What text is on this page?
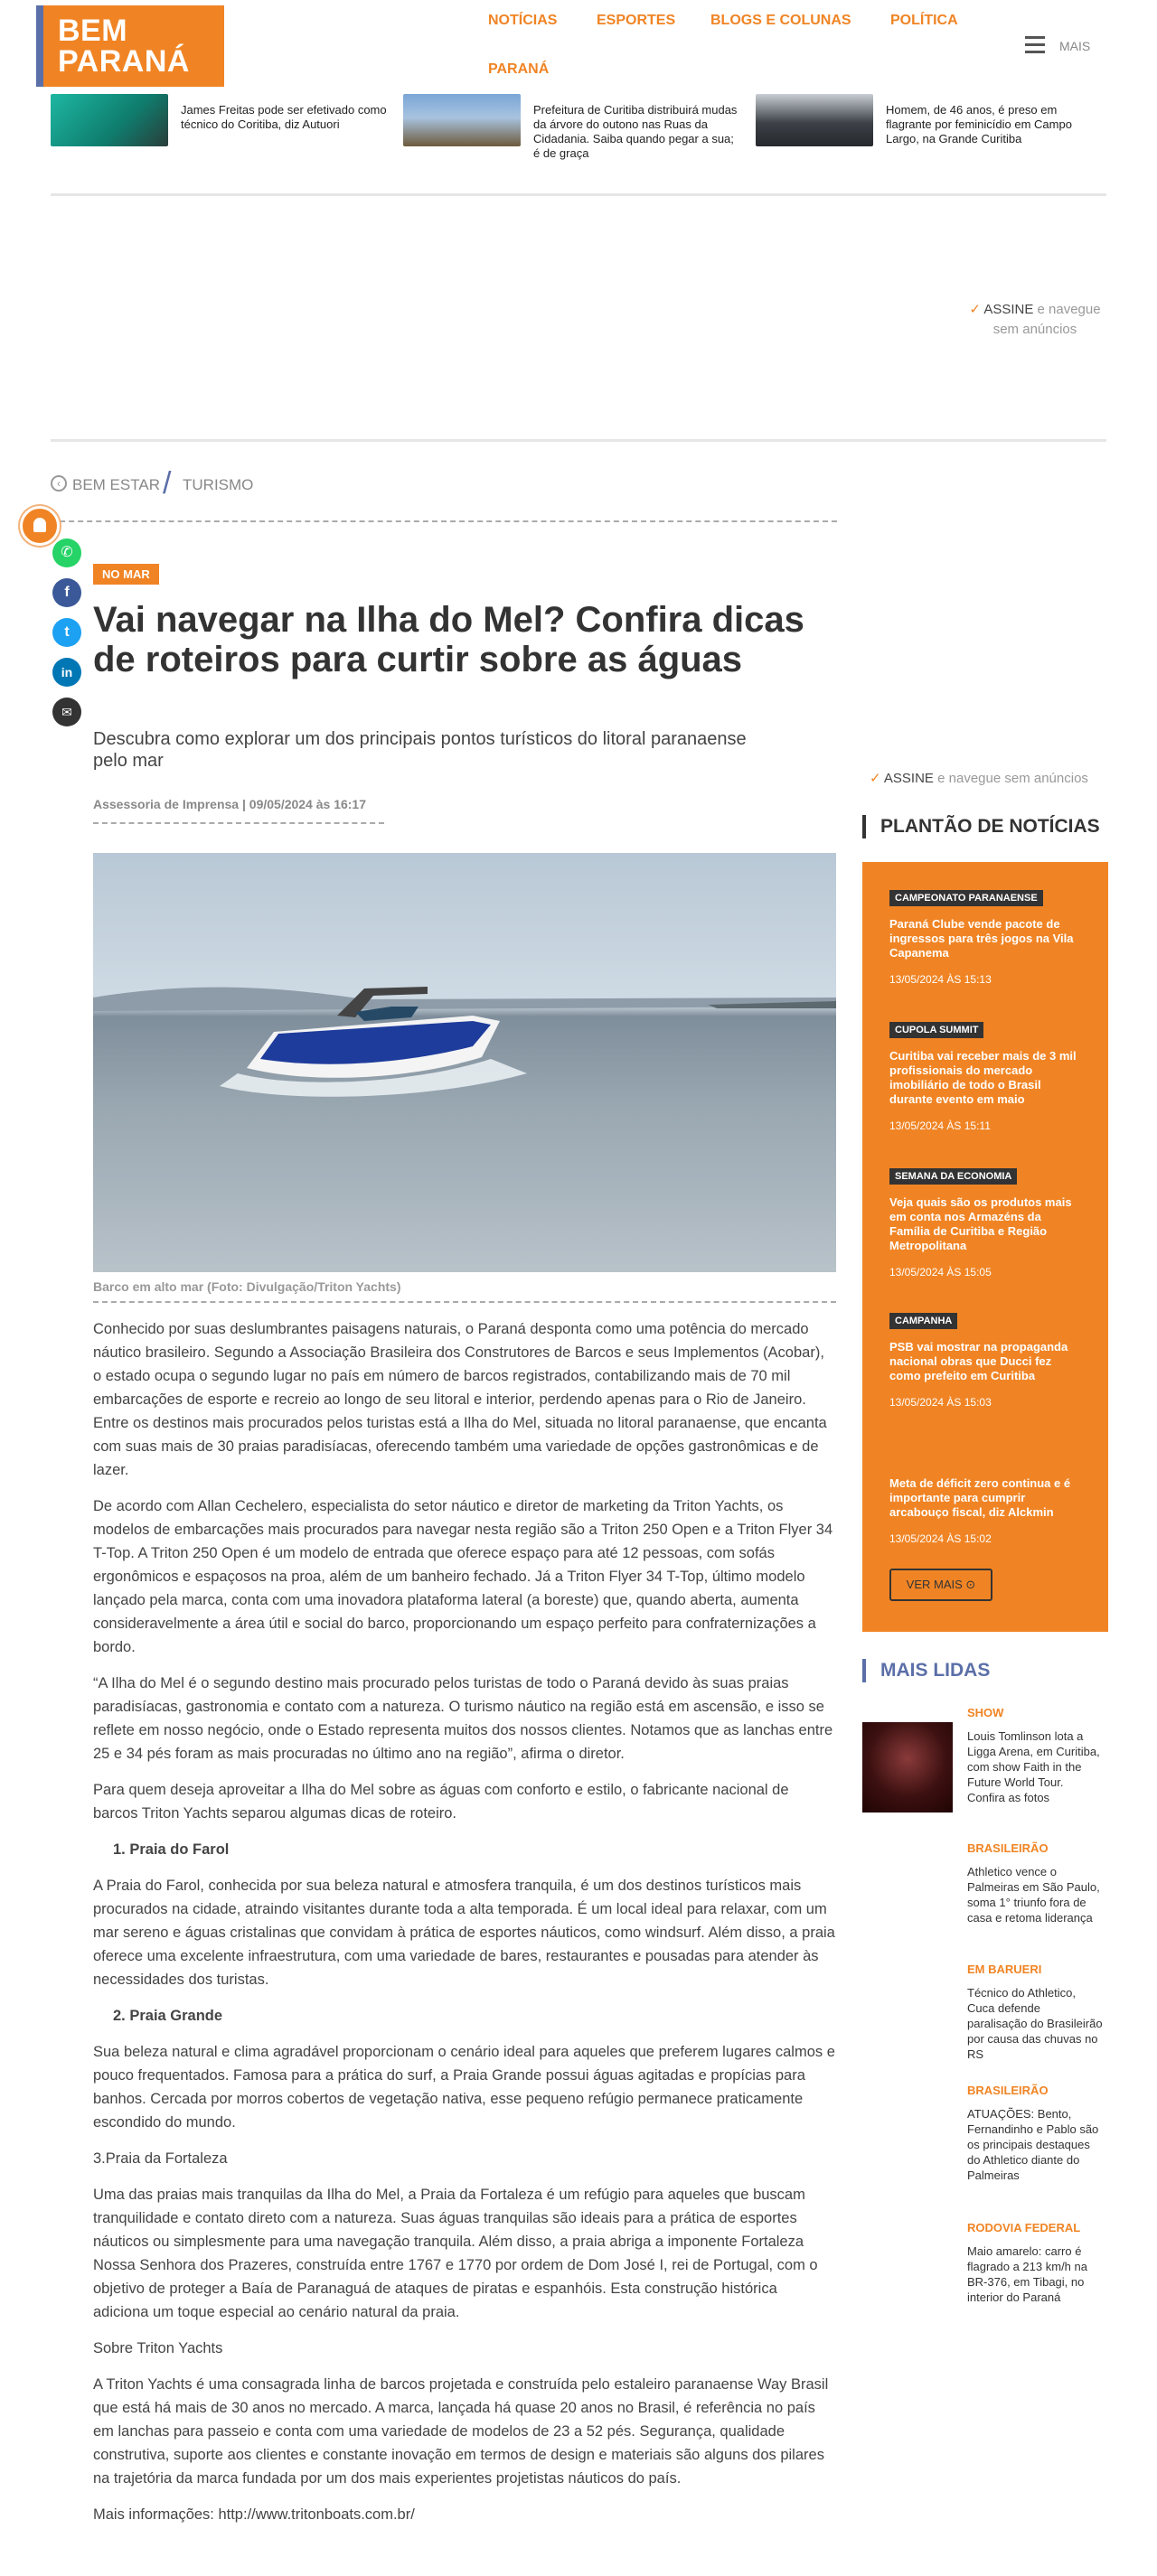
BEM
PARANÁ
NOTÍCIAS	ESPORTES BLOGS E COLUNAS	POLÍTICA
PARANÁ
MAIS
James Freitas pode ser efetivado como técnico do Coritiba, diz Autuori
Prefeitura de Curitiba distribuirá mudas da árvore do outono nas Ruas da Cidadania. Saiba quando pegar a sua; é de graça
Homem, de 46 anos, é preso em flagrante por feminicídio em Campo Largo, na Grande Curitiba
✓ ASSINE e navegue
sem anúncios
‹ BEM ESTAR / TURISMO
✆
f
t
in
✉
NO MAR
Vai navegar na Ilha do Mel? Confira dicas de roteiros para curtir sobre as águas
Descubra como explorar um dos principais pontos turísticos do litoral paranaense pelo mar
Assessoria de Imprensa | 09/05/2024 às 16:17
Barco em alto mar (Foto: Divulgação/Triton Yachts)

Conhecido por suas deslumbrantes paisagens naturais, o Paraná desponta como uma potência do mercado náutico brasileiro. Segundo a Associação Brasileira dos Construtores de Barcos e seus Implementos (Acobar), o estado ocupa o segundo lugar no país em número de barcos registrados, contabilizando mais de 70 mil embarcações de esporte e recreio ao longo de seu litoral e interior, perdendo apenas para o Rio de Janeiro. Entre os destinos mais procurados pelos turistas está a Ilha do Mel, situada no litoral paranaense, que encanta com suas mais de 30 praias paradisíacas, oferecendo também uma variedade de opções gastronômicas e de lazer.

De acordo com Allan Cechelero, especialista do setor náutico e diretor de marketing da Triton Yachts, os modelos de embarcações mais procurados para navegar nesta região são a Triton 250 Open e a Triton Flyer 34 T-Top. A Triton 250 Open é um modelo de entrada que oferece espaço para até 12 pessoas, com sofás ergonômicos e espaçosos na proa, além de um banheiro fechado. Já a Triton Flyer 34 T-Top, último modelo lançado pela marca, conta com uma inovadora plataforma lateral (a boreste) que, quando aberta, aumenta consideravelmente a área útil e social do barco, proporcionando um espaço perfeito para confraternizações a bordo.

“A Ilha do Mel é o segundo destino mais procurado pelos turistas de todo o Paraná devido às suas praias paradisíacas, gastronomia e contato com a natureza. O turismo náutico na região está em ascensão, e isso se reflete em nosso negócio, onde o Estado representa muitos dos nossos clientes. Notamos que as lanchas entre 25 e 34 pés foram as mais procuradas no último ano na região”, afirma o diretor.

Para quem deseja aproveitar a Ilha do Mel sobre as águas com conforto e estilo, o fabricante nacional de barcos Triton Yachts separou algumas dicas de roteiro.

1. Praia do Farol

A Praia do Farol, conhecida por sua beleza natural e atmosfera tranquila, é um dos destinos turísticos mais procurados na cidade, atraindo visitantes durante toda a alta temporada. É um local ideal para relaxar, com um mar sereno e águas cristalinas que convidam à prática de esportes náuticos, como windsurf. Além disso, a praia oferece uma excelente infraestrutura, com uma variedade de bares, restaurantes e pousadas para atender às necessidades dos turistas.

2. Praia Grande

Sua beleza natural e clima agradável proporcionam o cenário ideal para aqueles que preferem lugares calmos e pouco frequentados. Famosa para a prática do surf, a Praia Grande possui águas agitadas e propícias para banhos. Cercada por morros cobertos de vegetação nativa, esse pequeno refúgio permanece praticamente escondido do mundo.

3.Praia da Fortaleza

Uma das praias mais tranquilas da Ilha do Mel, a Praia da Fortaleza é um refúgio para aqueles que buscam tranquilidade e contato direto com a natureza. Suas águas tranquilas são ideais para a prática de esportes náuticos ou simplesmente para uma navegação tranquila. Além disso, a praia abriga a imponente Fortaleza Nossa Senhora dos Prazeres, construída entre 1767 e 1770 por ordem de Dom José I, rei de Portugal, com o objetivo de proteger a Baía de Paranaguá de ataques de piratas e espanhóis. Esta construção histórica adiciona um toque especial ao cenário natural da praia.

Sobre Triton Yachts

A Triton Yachts é uma consagrada linha de barcos projetada e construída pelo estaleiro paranaense Way Brasil que está há mais de 30 anos no mercado. A marca, lançada há quase 20 anos no Brasil, é referência no país em lanchas para passeio e conta com uma variedade de modelos de 23 a 52 pés. Segurança, qualidade construtiva, suporte aos clientes e constante inovação em termos de design e materiais são alguns dos pilares na trajetória da marca fundada por um dos mais experientes projetistas náuticos do país.

Mais informações: http://www.tritonboats.com.br/

✓ ASSINE e navegue sem anúncios
PLANTÃO DE NOTÍCIAS
CAMPEONATO PARANAENSE
Paraná Clube vende pacote de ingressos para três jogos na Vila Capanema
13/05/2024 ÀS 15:13
CUPOLA SUMMIT
Curitiba vai receber mais de 3 mil profissionais do mercado imobiliário de todo o Brasil durante evento em maio
13/05/2024 ÀS 15:11
SEMANA DA ECONOMIA
Veja quais são os produtos mais em conta nos Armazéns da Família de Curitiba e Região Metropolitana
13/05/2024 ÀS 15:05
CAMPANHA
PSB vai mostrar na propaganda nacional obras que Ducci fez como prefeito em Curitiba
13/05/2024 ÀS 15:03
Meta de déficit zero continua e é importante para cumprir arcabouço fiscal, diz Alckmin
13/05/2024 ÀS 15:02
VER MAIS ⊙
MAIS LIDAS
SHOW
Louis Tomlinson lota a Ligga Arena, em Curitiba, com show Faith in the Future World Tour. Confira as fotos
BRASILEIRÃO
Athletico vence o Palmeiras em São Paulo, soma 1° triunfo fora de casa e retoma liderança
EM BARUERI
Técnico do Athletico, Cuca defende paralisação do Brasileirão por causa das chuvas no RS
BRASILEIRÃO
ATUAÇÕES: Bento, Fernandinho e Pablo são os principais destaques do Athletico diante do Palmeiras
RODOVIA FEDERAL
Maio amarelo: carro é flagrado a 213 km/h na BR-376, em Tibagi, no interior do Paraná
